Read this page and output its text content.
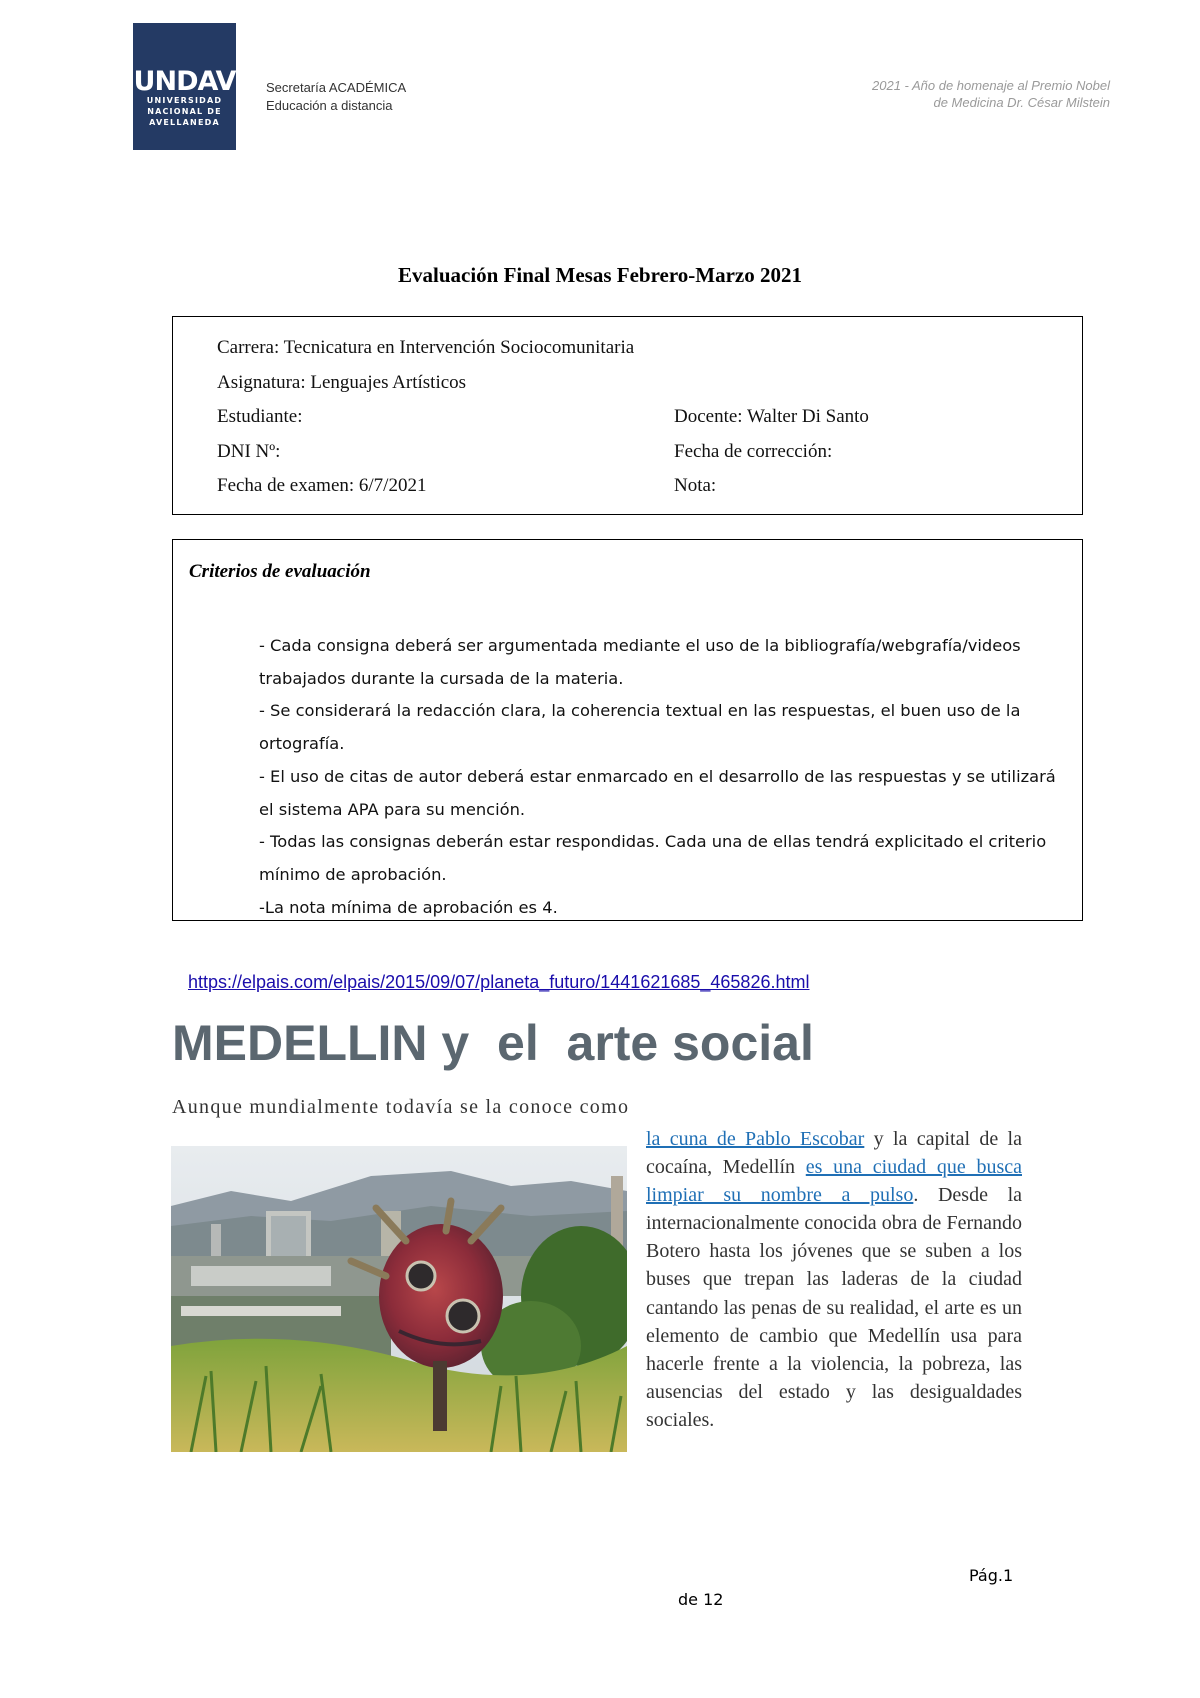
UNDAV
UNIVERSIDAD
NACIONAL DE
AVELLANEDA
Secretaría ACADÉMICA
Educación a distancia
2021 - Año de homenaje al Premio Nobel
de Medicina Dr. César Milstein
Evaluación Final Mesas Febrero-Marzo 2021
Carrera: Tecnicatura en Intervención Sociocomunitaria
Asignatura: Lenguajes Artísticos
Estudiante:	Docente: Walter Di Santo
DNI Nº:	Fecha de corrección:
Fecha de examen: 6/7/2021	Nota:
Criterios de evaluación
- Cada consigna deberá ser argumentada mediante el uso de la bibliografía/webgrafía/videos trabajados durante la cursada de la materia.
- Se considerará la redacción clara, la coherencia textual en las respuestas, el buen uso de la ortografía.
- El uso de citas de autor deberá estar enmarcado en el desarrollo de las respuestas y se utilizará el sistema APA para su mención.
- Todas las consignas deberán estar respondidas. Cada una de ellas tendrá explicitado el criterio mínimo de aprobación.
-La nota mínima de aprobación es 4.
https://elpais.com/elpais/2015/09/07/planeta_futuro/1441621685_465826.html
MEDELLIN y  el  arte social
Aunque mundialmente todavía se la conoce como
la cuna de Pablo Escobar y la capital de la cocaína, Medellín es una ciudad que busca limpiar su nombre a pulso. Desde la internacionalmente conocida obra de Fernando Botero hasta los jóvenes que se suben a los buses que trepan las laderas de la ciudad cantando las penas de su realidad, el arte es un elemento de cambio que Medellín usa para hacerle frente a la violencia, la pobreza, las ausencias del estado y las desigualdades sociales.
Pág.1
de 12
